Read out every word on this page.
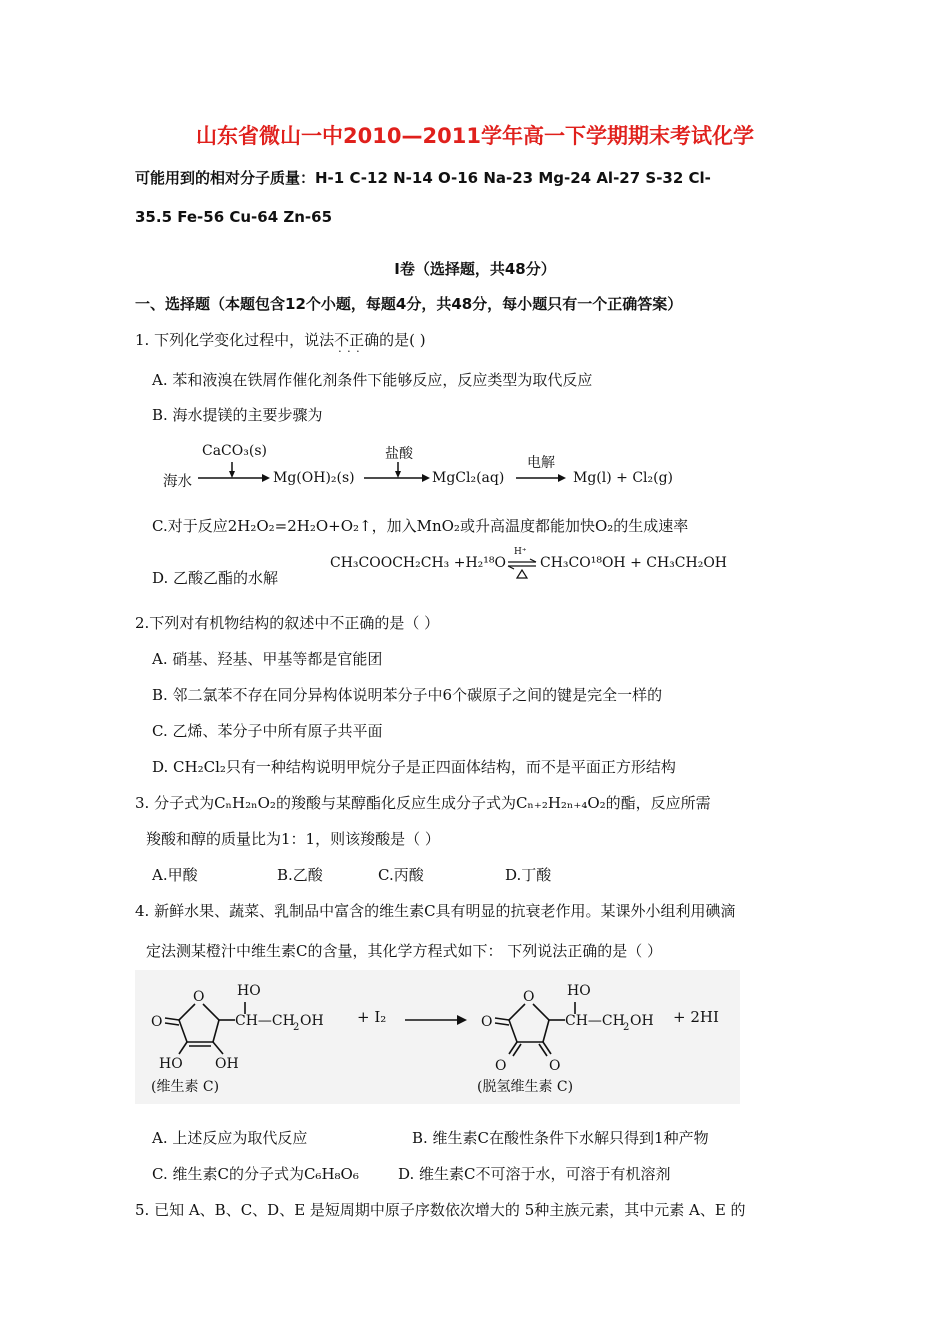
山东省微山一中2010—2011学年高一下学期期末考试化学
可能用到的相对分子质量：H-1 C-12 N-14 O-16 Na-23 Mg-24 Al-27 S-32 Cl-
35.5 Fe-56 Cu-64 Zn-65
Ⅰ卷（选择题，共48分）
一、选择题（本题包含12个小题，每题4分，共48分，每小题只有一个正确答案）
1. 下列化学变化过程中，说法不正确 · · ·的是( )
A. 苯和液溴在铁屑作催化剂条件下能够反应，反应类型为取代反应
B. 海水提镁的主要步骤为
海水
CaCO₃(s)
Mg(OH)₂(s)
盐酸
MgCl₂(aq)
电解
Mg(l) + Cl₂(g)
C.对于反应2H₂O₂=2H₂O+O₂↑，加入MnO₂或升高温度都能加快O₂的生成速率
D. 乙酸乙酯的水解
CH₃COOCH₂CH₃ +H₂¹⁸O
H⁺
⇌ CH₃CO¹⁸OH + CH₃CH₂OH
2.下列对有机物结构的叙述中不正确的是（ ）
A. 硝基、羟基、甲基等都是官能团
B. 邻二氯苯不存在同分异构体说明苯分子中6个碳原子之间的键是完全一样的
C. 乙烯、苯分子中所有原子共平面
D. CH₂Cl₂只有一种结构说明甲烷分子是正四面体结构，而不是平面正方形结构
3. 分子式为CₙH₂ₙO₂的羧酸与某醇酯化反应生成分子式为Cₙ₊₂H₂ₙ₊₄O₂的酯，反应所需
羧酸和醇的质量比为1：1，则该羧酸是（ ）
A.甲酸	B.乙酸	C.丙酸	D.丁酸
4. 新鲜水果、蔬菜、乳制品中富含的维生素C具有明显的抗衰老作用。某课外小组利用碘滴
定法测某橙汁中维生素C的含量，其化学方程式如下： 下列说法正确的是（ ）
O
O
HO OH
HO
CH—CH
2 OH
O
O
O	O
HO
CH—CH
2 OH
+ I₂	+ 2HI
(维生素 C)	(脱氢维生素 C)
A. 上述反应为取代反应	B. 维生素C在酸性条件下水解只得到1种产物
C. 维生素C的分子式为C₆H₈O₆	D. 维生素C不可溶于水，可溶于有机溶剂
5. 已知 A、B、C、D、E 是短周期中原子序数依次增大的 5种主族元素，其中元素 A、E 的
